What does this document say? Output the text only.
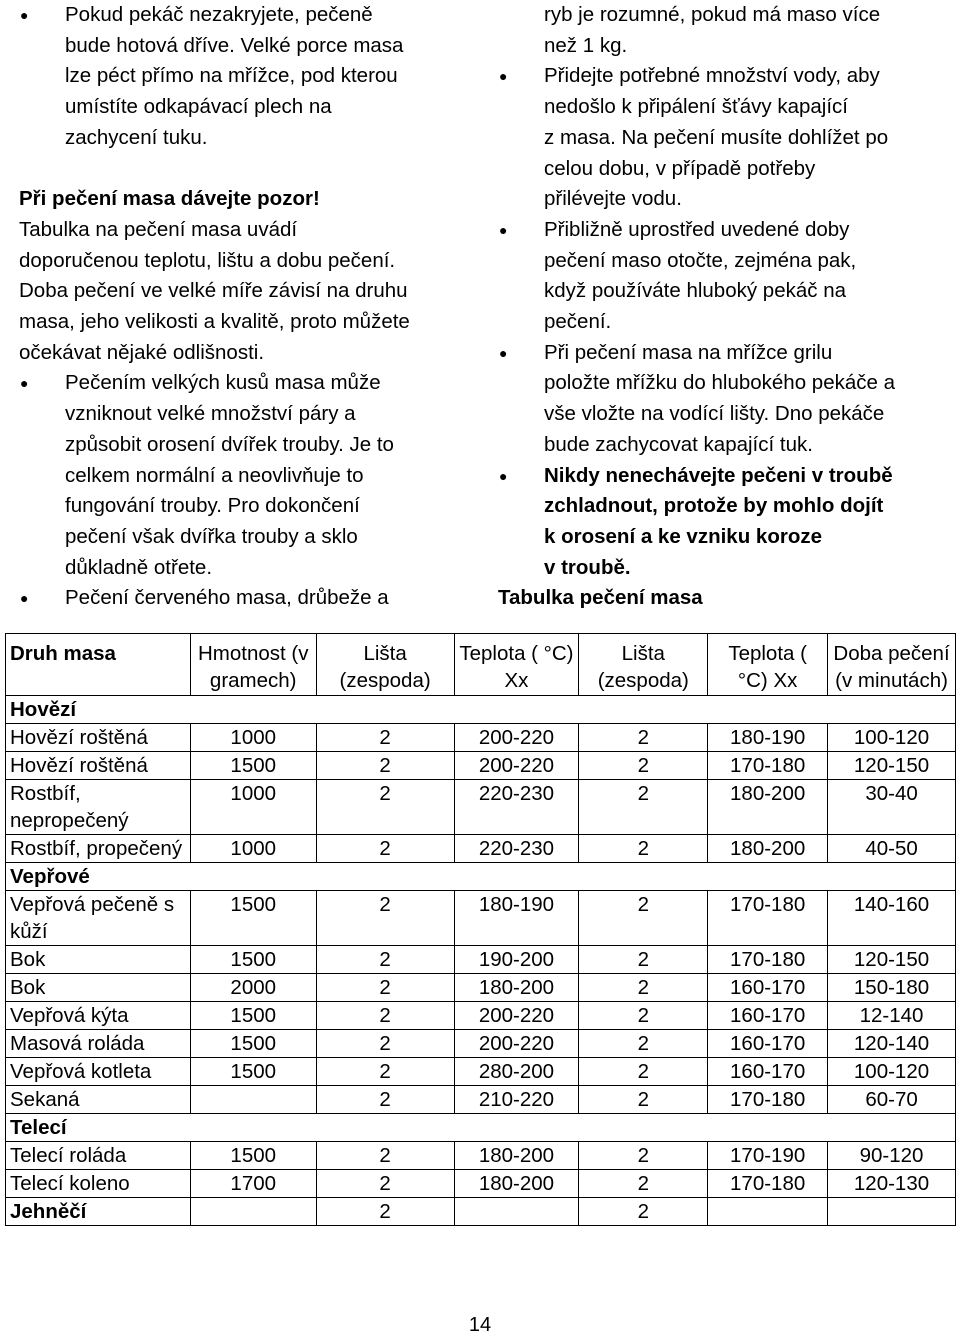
● Pokud pekáč nezakryjete, pečeně
bude hotová dříve. Velké porce masa
lze péct přímo na mřížce, pod kterou
umístíte odkapávací plech na
zachycení tuku.
Při pečení masa dávejte pozor!
Tabulka na pečení masa uvádí
doporučenou teplotu, lištu a dobu pečení.
Doba pečení ve velké míře závisí na druhu
masa, jeho velikosti a kvalitě, proto můžete
očekávat nějaké odlišnosti.
● Pečením velkých kusů masa může
vzniknout velké množství páry a
způsobit orosení dvířek trouby. Je to
celkem normální a neovlivňuje to
fungování trouby. Pro dokončení
pečení však dvířka trouby a sklo
důkladně otřete.
● Pečení červeného masa, drůbeže a
ryb je rozumné, pokud má maso více
než 1 kg.
● Přidejte potřebné množství vody, aby
nedošlo k připálení šťávy kapající
z masa. Na pečení musíte dohlížet po
celou dobu, v případě potřeby
přilévejte vodu.
● Přibližně uprostřed uvedené doby
pečení maso otočte, zejména pak,
když používáte hluboký pekáč na
pečení.
● Při pečení masa na mřížce grilu
položte mřížku do hlubokého pekáče a
vše vložte na vodící lišty. Dno pekáče
bude zachycovat kapající tuk.
● Nikdy nenechávejte pečeni v troubě
zchladnout, protože by mohlo dojít
k orosení a ke vzniku koroze
v troubě.
Tabulka pečení masa
Druh masa	Hmotnost (v gramech)	Lišta (zespoda)	Teplota ( °C) Xx	Lišta (zespoda)	Teplota ( °C) Xx	Doba pečení (v minutách)
Hovězí						
Hovězí roštěná	1000	2	200-220	2	180-190	100-120
Hovězí roštěná	1500	2	200-220	2	170-180	120-150
Rostbíf, nepropečený	1000	2	220-230	2	180-200	30-40
Rostbíf, propečený	1000	2	220-230	2	180-200	40-50
Vepřové						
Vepřová pečeně s kůží	1500	2	180-190	2	170-180	140-160
Bok	1500	2	190-200	2	170-180	120-150
Bok	2000	2	180-200	2	160-170	150-180
Vepřová kýta	1500	2	200-220	2	160-170	12-140
Masová roláda	1500	2	200-220	2	160-170	120-140
Vepřová kotleta	1500	2	280-200	2	160-170	100-120
Sekaná		2	210-220	2	170-180	60-70
Telecí						
Telecí roláda	1500	2	180-200	2	170-190	90-120
Telecí koleno	1700	2	180-200	2	170-180	120-130
Jehněčí		2		2		
14
